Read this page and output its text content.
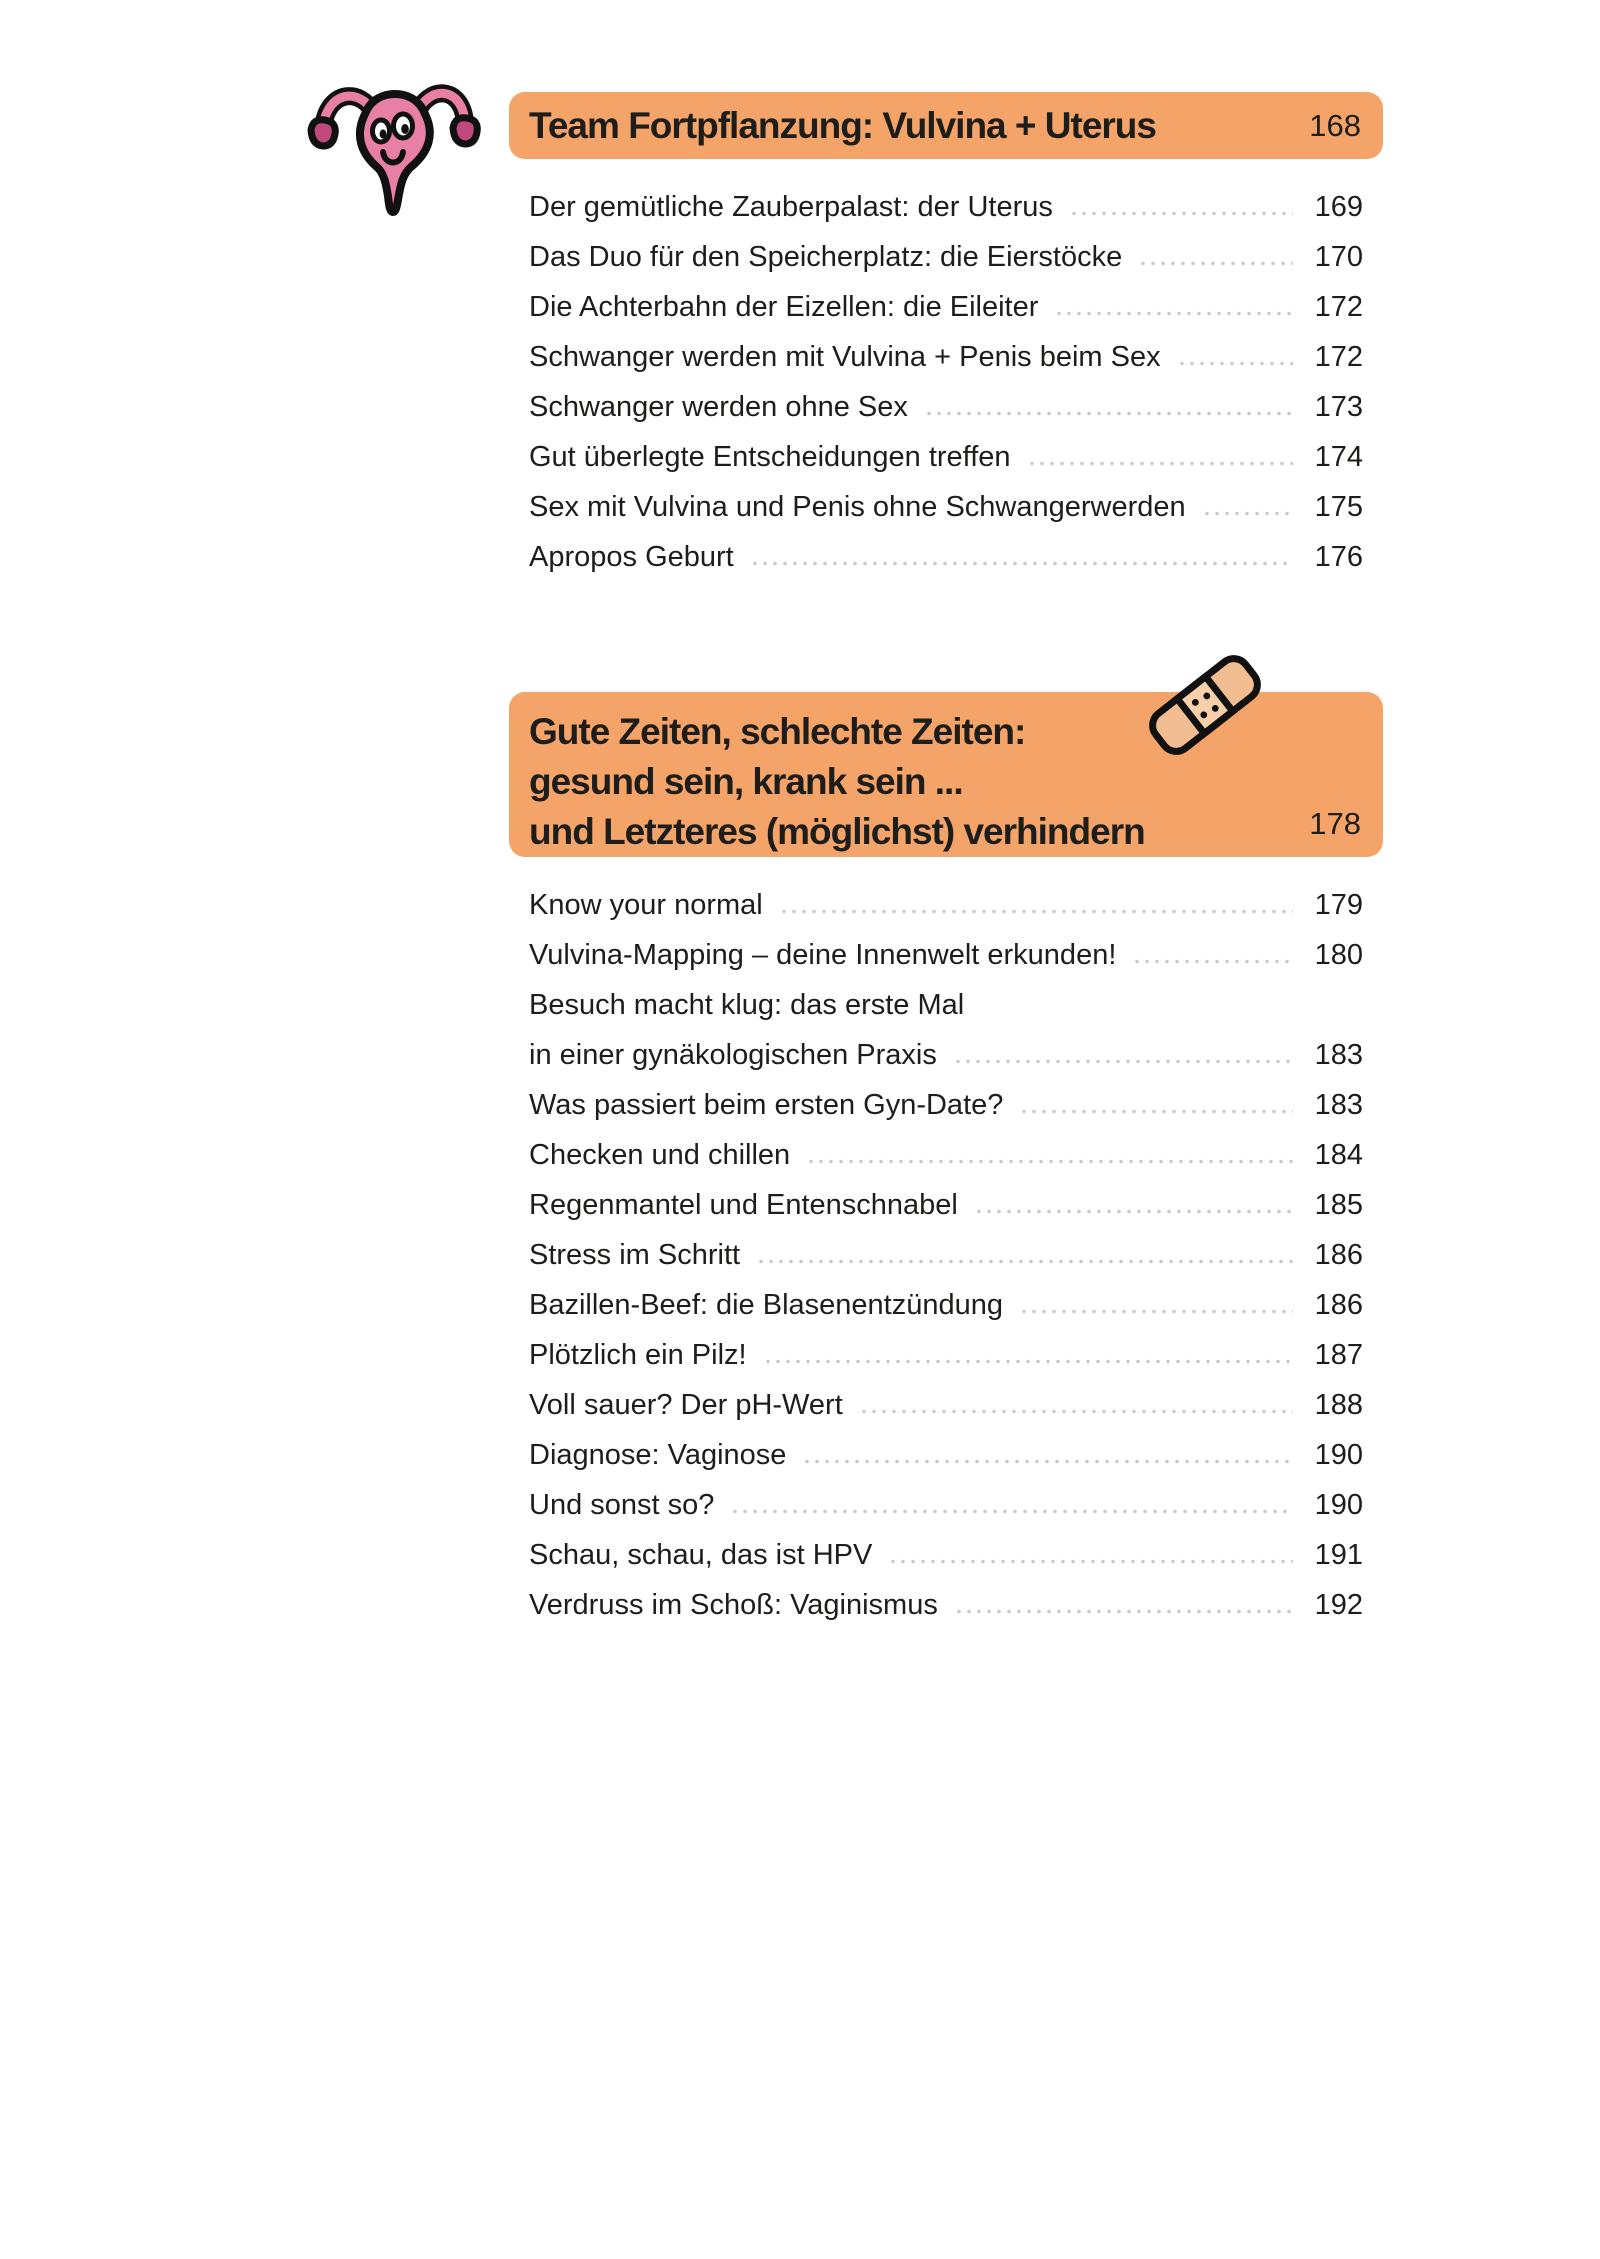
Team Fortpflanzung: Vulvina + Uterus	168
Der gemütliche Zauberpalast: der Uterus	169
Das Duo für den Speicherplatz: die Eierstöcke	170
Die Achterbahn der Eizellen: die Eileiter	172
Schwanger werden mit Vulvina + Penis beim Sex	172
Schwanger werden ohne Sex	173
Gut überlegte Entscheidungen treffen	174
Sex mit Vulvina und Penis ohne Schwangerwerden	175
Apropos Geburt	176
Gute Zeiten, schlechte Zeiten:
gesund sein, krank sein ...
und Letzteres (möglichst) verhindern	178
Know your normal	179
Vulvina-Mapping – deine Innenwelt erkunden!	180
Besuch macht klug: das erste Mal
in einer gynäkologischen Praxis	183
Was passiert beim ersten Gyn-Date?	183
Checken und chillen	184
Regenmantel und Entenschnabel	185
Stress im Schritt	186
Bazillen-Beef: die Blasenentzündung	186
Plötzlich ein Pilz!	187
Voll sauer? Der pH-Wert	188
Diagnose: Vaginose	190
Und sonst so?	190
Schau, schau, das ist HPV	191
Verdruss im Schoß: Vaginismus	192
